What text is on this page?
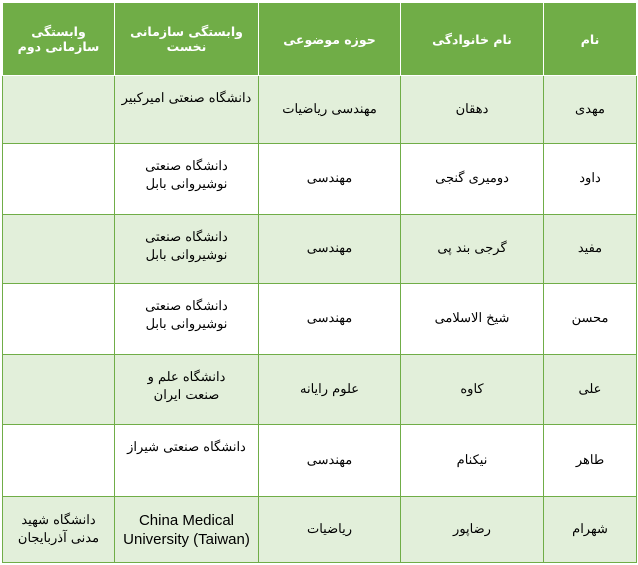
نام	نام خانوادگی	حوزه موضوعی	وابستگی سازمانی نخست	وابستگی سازمانی دوم
مهدی	دهقان	مهندسی ریاضیات	دانشگاه صنعتی امیرکبیر	

داود	دومیری گنجی	مهندسی	دانشگاه صنعتی نوشیروانی بابل	

مفید	گرجی بند پی	مهندسی	دانشگاه صنعتی نوشیروانی بابل	

محسن	شیخ الاسلامی	مهندسی	دانشگاه صنعتی نوشیروانی بابل	

علی	کاوه	علوم رایانه	دانشگاه علم و صنعت ایران	

طاهر	نیکنام	مهندسی	دانشگاه صنعتی شیراز	

شهرام	رضاپور	ریاضیات	China Medical University (Taiwan)	دانشگاه شهید مدنی آذربایجان
